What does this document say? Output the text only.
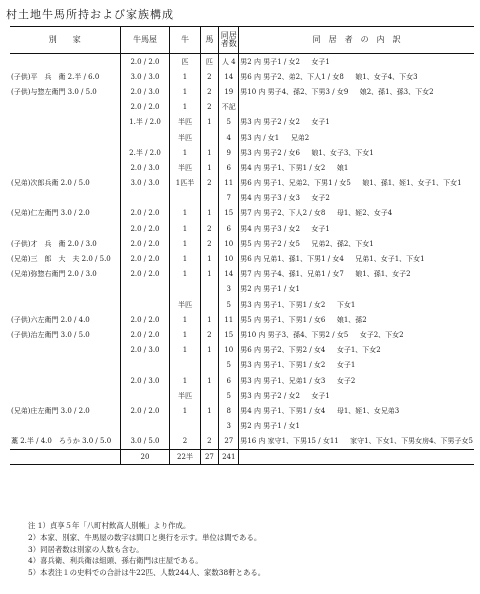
村土地牛馬所持および家族構成
別　　家	牛馬屋	牛	馬	同居者数	同　居　者　の　内　訳
	2.0 / 2.0	匹	匹	人 4	男2 内 男子1 / 女2 　 女子1
(子供)平　兵　衛 2.半 / 6.0	3.0 / 3.0	1	2	14	男6 内 男子2、弟2、下人1 / 女8 　 娘1、女子4、下女3
(子供)与惣左衛門 3.0 / 5.0	2.0 / 3.0	1	2	19	男10 内 男子4、孫2、下男3 / 女9 　 娘2、孫1、孫3、下女2
	2.0 / 2.0	1	2	不記	
	1.半 / 2.0	半匹	1	5	男3 内 男子2 / 女2 　 女子1
		半匹		4	男3 内 / 女1 　 兄弟2
	2.半 / 2.0	1	1	9	男3 内 男子2 / 女6 　 娘1、女子3、下女1
	2.0 / 3.0	半匹	1	6	男4 内 男子1、下男1 / 女2 　 娘1
(兄弟)次郎兵衛 2.0 / 5.0	3.0 / 3.0	1匹半	2	11	男6 内 男子1、兄弟2、下男1 / 女5 　 娘1、孫1、姪1、女子1、下女1
				7	男4 内 男子3 / 女3 　 女子2
(兄弟)仁左衛門 3.0 / 2.0	2.0 / 2.0	1	1	15	男7 内 男子2、下人2 / 女8 　 母1、姪2、女子4
	2.0 / 2.0	1	2	6	男4 内 男子3 / 女2 　 女子1
(子供)才　兵　衛 2.0 / 3.0	2.0 / 2.0	1	2	10	男5 内 男子2 / 女5 　 兄弟2、孫2、下女1
(兄弟)三　郎　大　夫 2.0 / 5.0	2.0 / 2.0	1	1	10	男6 内 兄弟1、孫1、下男1 / 女4 　 兄弟1、女子1、下女1
(兄弟)弥惣右衛門 2.0 / 3.0	2.0 / 2.0	1	1	14	男7 内 男子4、孫1、兄弟1 / 女7 　 娘1、孫1、女子2
				3	男2 内 男子1 / 女1
		半匹		5	男3 内 男子1、下男1 / 女2 　 下女1
(子供)六左衛門 2.0 / 4.0	2.0 / 2.0	1	1	11	男5 内 男子1、下男1 / 女6 　 娘1、孫2
(子供)治左衛門 3.0 / 5.0	2.0 / 2.0	1	2	15	男10 内 男子3、孫4、下男2 / 女5 　 女子2、下女2
	2.0 / 3.0	1	1	10	男6 内 男子2、下男2 / 女4 　 女子1、下女2
				5	男3 内 男子1、下男1 / 女2 　 女子1
	2.0 / 3.0	1	1	6	男3 内 男子1、兄弟1 / 女3 　 女子2
		半匹		5	男3 内 男子2 / 女2 　 女子1
(兄弟)庄左衛門 3.0 / 2.0	2.0 / 2.0	1	1	8	男4 内 男子1、下男1 / 女4 　 母1、姪1、女兄弟3
				3	男2 内 男子1 / 女1
藁 2.半 / 4.0　ろうか 3.0 / 5.0	3.0 / 5.0	2	2	27	男16 内 家守1、下男15 / 女11 　 家守1、下女1、下男女房4、下男子女5
	20	22半	27	241	
注 1）貞享５年「八町村飲高人別帳」より作成。
2）本家、別家、牛馬屋の数字は間口と奥行を示す。単位は間である。
3）同居者数は別家の人数も含む。
4）喜兵衛、利兵衛は組頭、孫右衛門は庄屋である。
5）本表注１の史料での合計は牛22匹、人数244人、家数38軒とある。
